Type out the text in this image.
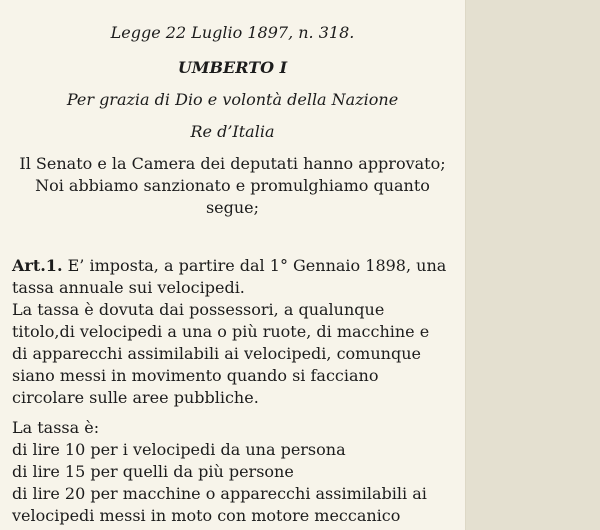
Legge 22 Luglio 1897, n. 318.
UMBERTO I
Per grazia di Dio e volontà della Nazione
Re d’Italia
Il Senato e la Camera dei deputati hanno approvato;
Noi abbiamo sanzionato e promulghiamo quanto
segue;
Art.1. E’ imposta, a partire dal 1° Gennaio 1898, una
tassa annuale sui velocipedi.
La tassa è dovuta dai possessori, a qualunque
titolo,di velocipedi a una o più ruote, di macchine e
di apparecchi assimilabili ai velocipedi, comunque
siano messi in movimento quando si facciano
circolare sulle aree pubbliche.
La tassa è:
di lire 10 per i velocipedi da una persona
di lire 15 per quelli da più persone
di lire 20 per macchine o apparecchi assimilabili ai
velocipedi messi in moto con motore meccanico
